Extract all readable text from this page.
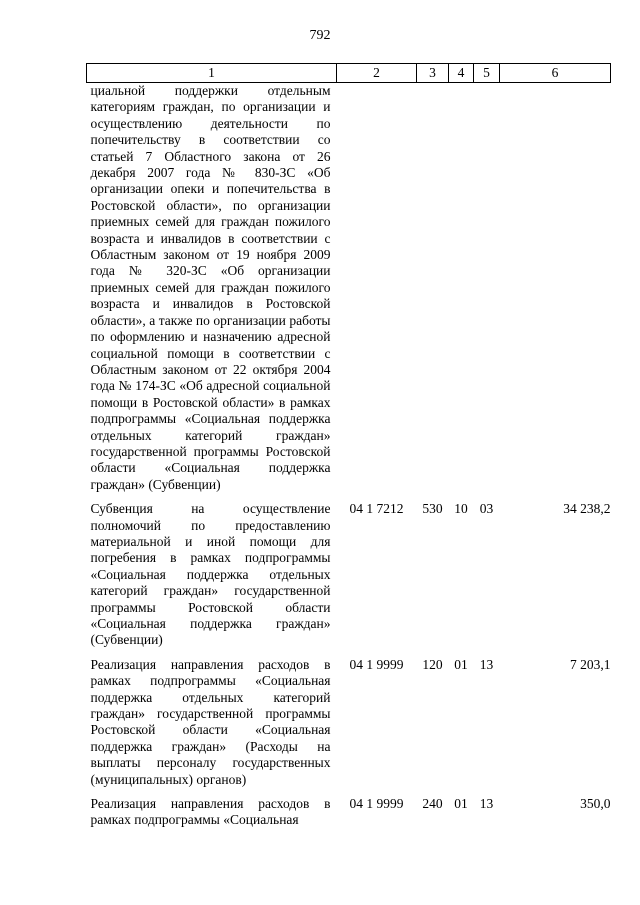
792
1	2	3	4	5	6
циальной поддержки отдельным категориям граждан, по организации и осуществлению деятельности по попечительству в соответствии со статьей 7 Областного закона от 26 декабря 2007 года № 830-ЗС «Об организации опеки и попечительства в Ростовской области», по организации приемных семей для граждан пожилого возраста и инвалидов в соответствии с Областным законом от 19 ноября 2009 года № 320-ЗС «Об организации приемных семей для граждан пожилого возраста и инвалидов в Ростовской области», а также по организации работы по оформлению и назначению адресной социальной помощи в соответствии с Областным законом от 22 октября 2004 года № 174-ЗС «Об адресной социальной помощи в Ростовской области» в рамках подпрограммы «Социальная поддержка отдельных категорий граждан» государственной программы Ростовской области «Социальная поддержка граждан» (Субвенции)					
Субвенция на осуществление полномочий по предоставлению материальной и иной помощи для погребения в рамках подпрограммы «Социальная поддержка отдельных категорий граждан» государственной программы Ростовской области «Социальная поддержка граждан» (Субвенции)	04 1 7212	530	10	03	34 238,2
Реализация направления расходов в рамках подпрограммы «Социальная поддержка отдельных категорий граждан» государственной программы Ростовской области «Социальная поддержка граждан» (Расходы на выплаты персоналу государственных (муниципальных) органов)	04 1 9999	120	01	13	7 203,1
Реализация направления расходов в рамках подпрограммы «Социальная	04 1 9999	240	01	13	350,0
